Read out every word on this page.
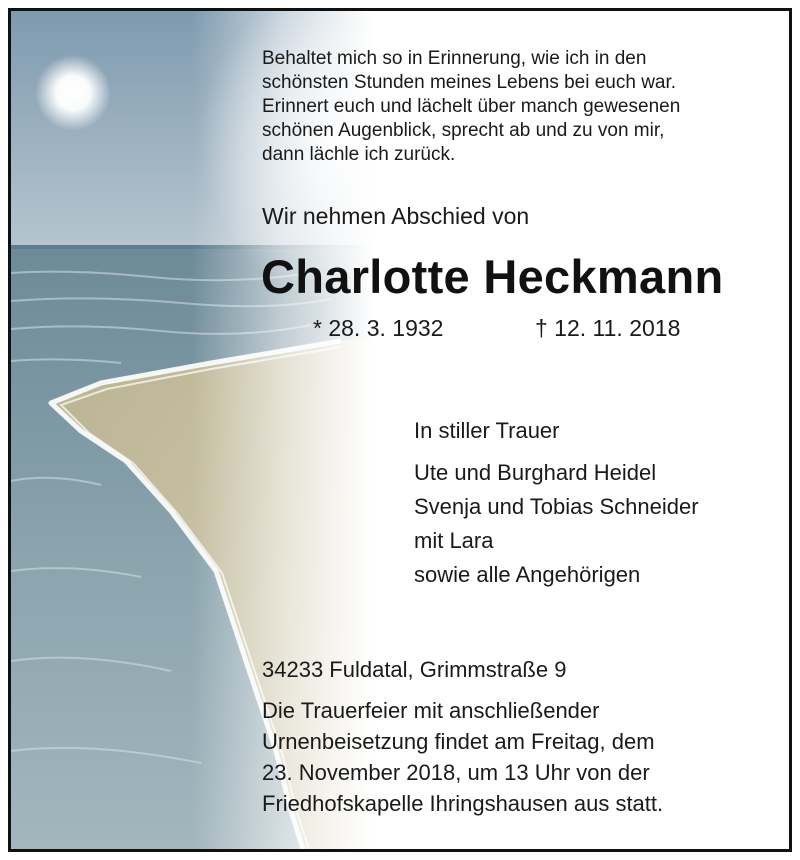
Behaltet mich so in Erinnerung, wie ich in den
schönsten Stunden meines Lebens bei euch war.
Erinnert euch und lächelt über manch gewesenen
schönen Augenblick, sprecht ab und zu von mir,
dann lächle ich zurück.
Wir nehmen Abschied von
Charlotte Heckmann
* 28. 3. 1932	† 12. 11. 2018
In stiller Trauer
Ute und Burghard Heidel
Svenja und Tobias Schneider
mit Lara
sowie alle Angehörigen
34233 Fuldatal, Grimmstraße 9
Die Trauerfeier mit anschließender
Urnenbeisetzung findet am Freitag, dem
23. November 2018, um 13 Uhr von der
Friedhofskapelle Ihringshausen aus statt.
